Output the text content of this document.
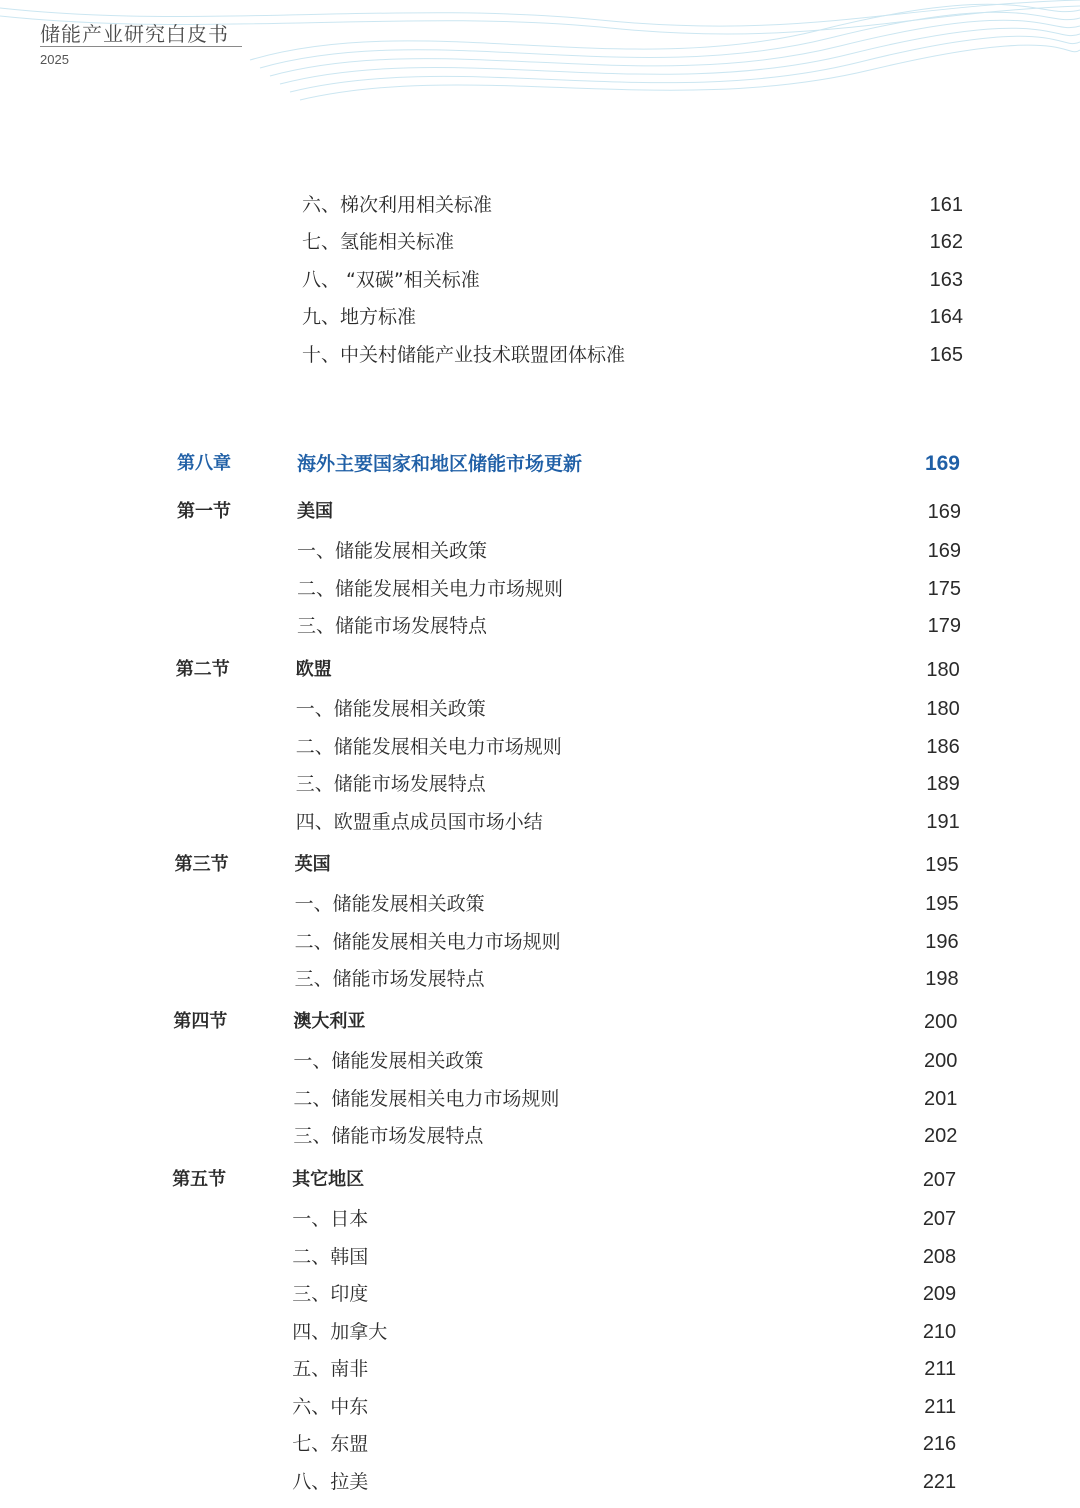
储能产业研究白皮书
2025
六、梯次利用相关标准	161
七、氢能相关标准	162
八、 “双碳”相关标准	163
九、地方标准	164
十、中关村储能产业技术联盟团体标准	165
第八章	海外主要国家和地区储能市场更新	169
第一节	美国	169
一、储能发展相关政策	169
二、储能发展相关电力市场规则	175
三、储能市场发展特点	179
第二节	欧盟	180
一、储能发展相关政策	180
二、储能发展相关电力市场规则	186
三、储能市场发展特点	189
四、欧盟重点成员国市场小结	191
第三节	英国	195
一、储能发展相关政策	195
二、储能发展相关电力市场规则	196
三、储能市场发展特点	198
第四节	澳大利亚	200
一、储能发展相关政策	200
二、储能发展相关电力市场规则	201
三、储能市场发展特点	202
第五节	其它地区	207
一、日本	207
二、韩国	208
三、印度	209
四、加拿大	210
五、南非	211
六、中东	211
七、东盟	216
八、拉美	221
